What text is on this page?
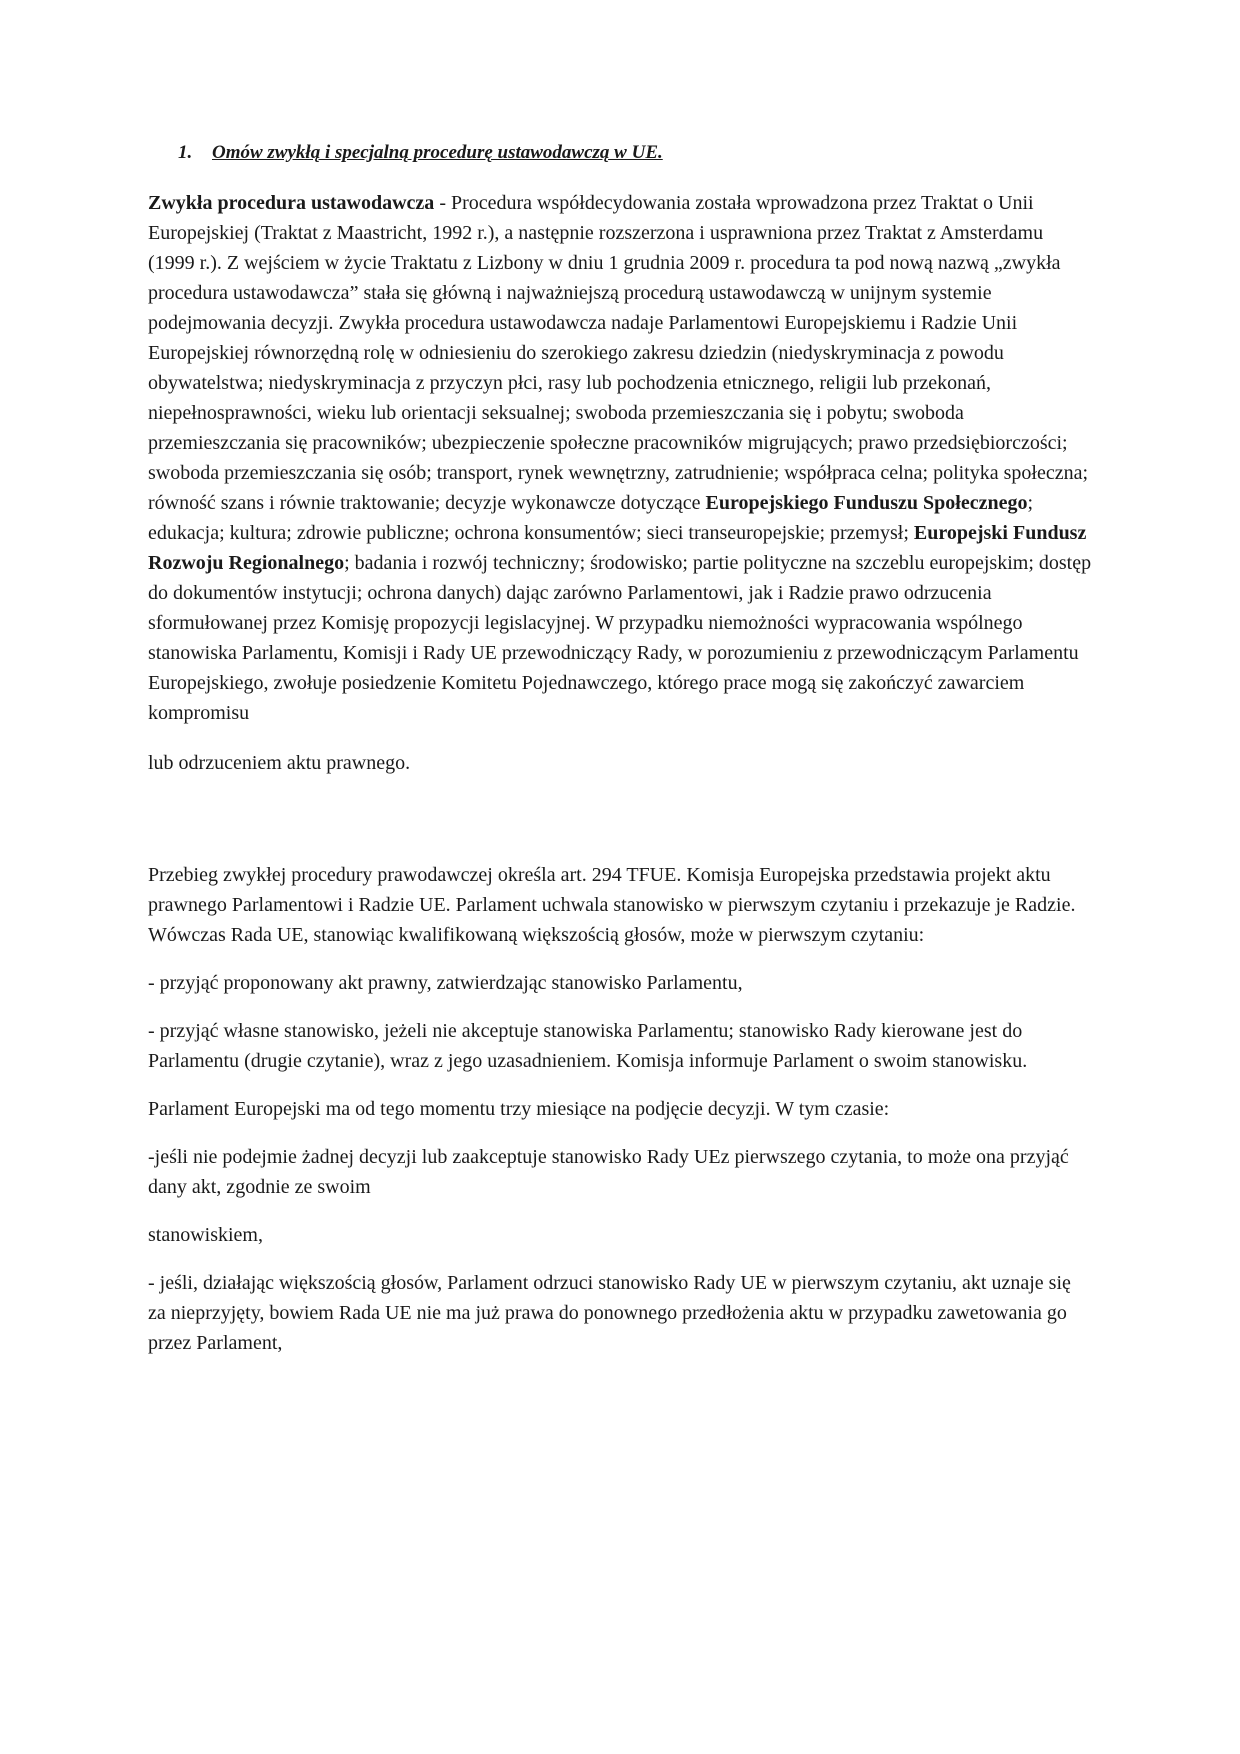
1. Omów zwykłą i specjalną procedurę ustawodawczą w UE.

Zwykła procedura ustawodawcza - Procedura współdecydowania została wprowadzona przez Traktat o Unii Europejskiej (Traktat z Maastricht, 1992 r.), a następnie rozszerzona i usprawniona przez Traktat z Amsterdamu (1999 r.). Z wejściem w życie Traktatu z Lizbony w dniu 1 grudnia 2009 r. procedura ta pod nową nazwą „zwykła procedura ustawodawcza” stała się główną i najważniejszą procedurą ustawodawczą w unijnym systemie podejmowania decyzji. Zwykła procedura ustawodawcza nadaje Parlamentowi Europejskiemu i Radzie Unii Europejskiej równorzędną rolę w odniesieniu do szerokiego zakresu dziedzin (niedyskryminacja z powodu obywatelstwa; niedyskryminacja z przyczyn płci, rasy lub pochodzenia etnicznego, religii lub przekonań, niepełnosprawności, wieku lub orientacji seksualnej; swoboda przemieszczania się i pobytu; swoboda przemieszczania się pracowników; ubezpieczenie społeczne pracowników migrujących; prawo przedsiębiorczości; swoboda przemieszczania się osób; transport, rynek wewnętrzny, zatrudnienie; współpraca celna; polityka społeczna; równość szans i równie traktowanie; decyzje wykonawcze dotyczące Europejskiego Funduszu Społecznego; edukacja; kultura; zdrowie publiczne; ochrona konsumentów; sieci transeuropejskie; przemysł; Europejski Fundusz Rozwoju Regionalnego; badania i rozwój techniczny; środowisko; partie polityczne na szczeblu europejskim; dostęp do dokumentów instytucji; ochrona danych) dając zarówno Parlamentowi, jak i Radzie prawo odrzucenia sformułowanej przez Komisję propozycji legislacyjnej. W przypadku niemożności wypracowania wspólnego stanowiska Parlamentu, Komisji i Rady UE przewodniczący Rady, w porozumieniu z przewodniczącym Parlamentu Europejskiego, zwołuje posiedzenie Komitetu Pojednawczego, którego prace mogą się zakończyć zawarciem kompromisu

lub odrzuceniem aktu prawnego.

Przebieg zwykłej procedury prawodawczej określa art. 294 TFUE. Komisja Europejska przedstawia projekt aktu prawnego Parlamentowi i Radzie UE. Parlament uchwala stanowisko w pierwszym czytaniu i przekazuje je Radzie. Wówczas Rada UE, stanowiąc kwalifikowaną większością głosów, może w pierwszym czytaniu:

- przyjąć proponowany akt prawny, zatwierdzając stanowisko Parlamentu,

- przyjąć własne stanowisko, jeżeli nie akceptuje stanowiska Parlamentu; stanowisko Rady kierowane jest do Parlamentu (drugie czytanie), wraz z jego uzasadnieniem. Komisja informuje Parlament o swoim stanowisku.

Parlament Europejski ma od tego momentu trzy miesiące na podjęcie decyzji. W tym czasie:

-jeśli nie podejmie żadnej decyzji lub zaakceptuje stanowisko Rady UEz pierwszego czytania, to może ona przyjąć dany akt, zgodnie ze swoim

stanowiskiem,

- jeśli, działając większością głosów, Parlament odrzuci stanowisko Rady UE w pierwszym czytaniu, akt uznaje się za nieprzyjęty, bowiem Rada UE nie ma już prawa do ponownego przedłożenia aktu w przypadku zawetowania go przez Parlament,
